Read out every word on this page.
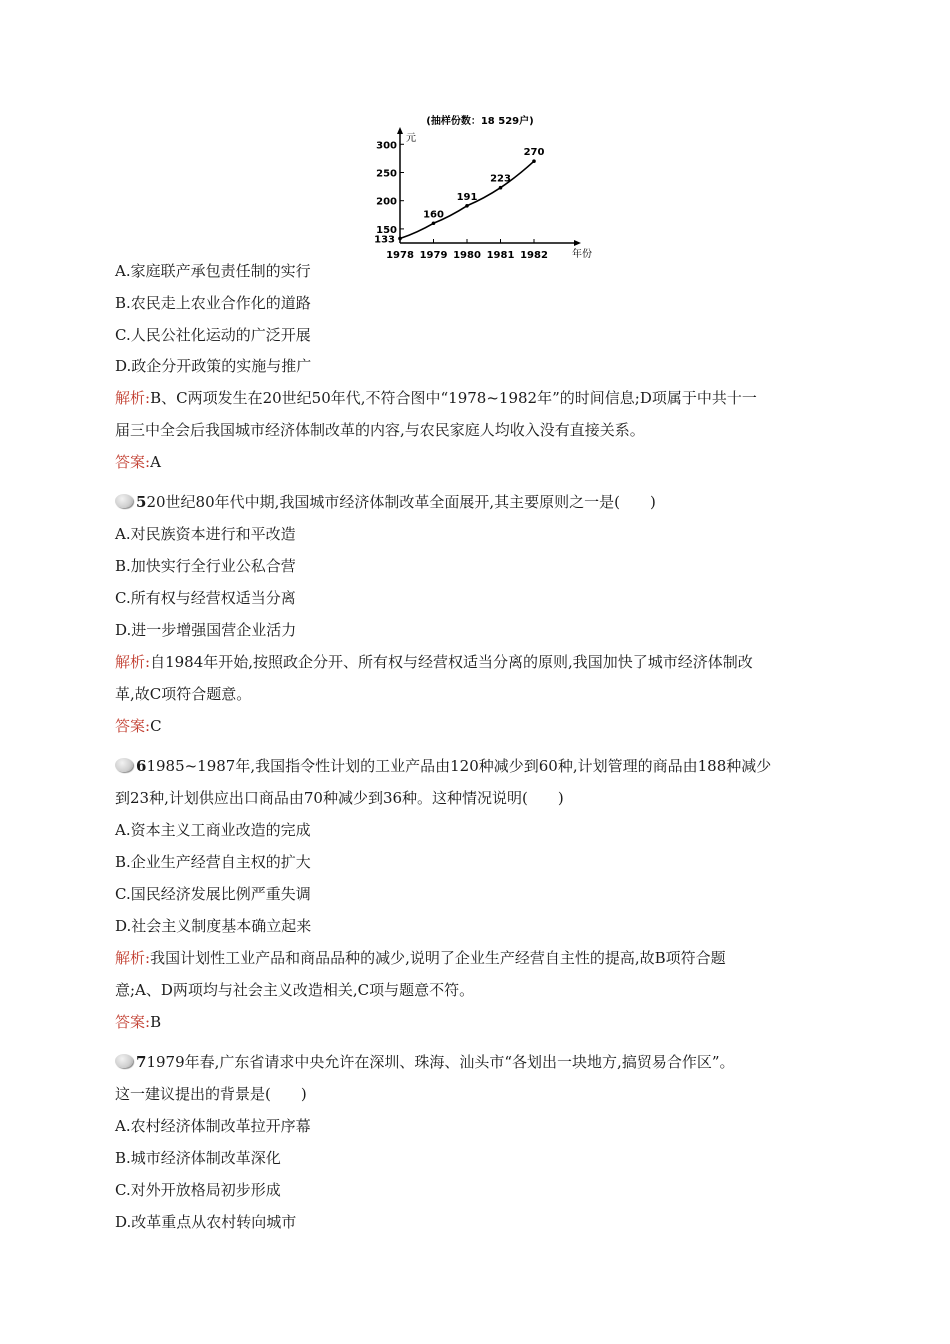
(抽样份数：18 529户)
元
年份
150
200
250
300
1978 1979 1980 1981 1982
133
160
191
223
270
A.家庭联产承包责任制的实行
B.农民走上农业合作化的道路
C.人民公社化运动的广泛开展
D.政企分开政策的实施与推广
解析:B、C两项发生在20世纪50年代,不符合图中“1978~1982年”的时间信息;D项属于中共十一
届三中全会后我国城市经济体制改革的内容,与农民家庭人均收入没有直接关系。
答案:A
520世纪80年代中期,我国城市经济体制改革全面展开,其主要原则之一是(　　)
A.对民族资本进行和平改造
B.加快实行全行业公私合营
C.所有权与经营权适当分离
D.进一步增强国营企业活力
解析:自1984年开始,按照政企分开、所有权与经营权适当分离的原则,我国加快了城市经济体制改
革,故C项符合题意。
答案:C
61985~1987年,我国指令性计划的工业产品由120种减少到60种,计划管理的商品由188种减少
到23种,计划供应出口商品由70种减少到36种。这种情况说明(　　)
A.资本主义工商业改造的完成
B.企业生产经营自主权的扩大
C.国民经济发展比例严重失调
D.社会主义制度基本确立起来
解析:我国计划性工业产品和商品品种的减少,说明了企业生产经营自主性的提高,故B项符合题
意;A、D两项均与社会主义改造相关,C项与题意不符。
答案:B
71979年春,广东省请求中央允许在深圳、珠海、汕头市“各划出一块地方,搞贸易合作区”。
这一建议提出的背景是(　　)
A.农村经济体制改革拉开序幕
B.城市经济体制改革深化
C.对外开放格局初步形成
D.改革重点从农村转向城市
